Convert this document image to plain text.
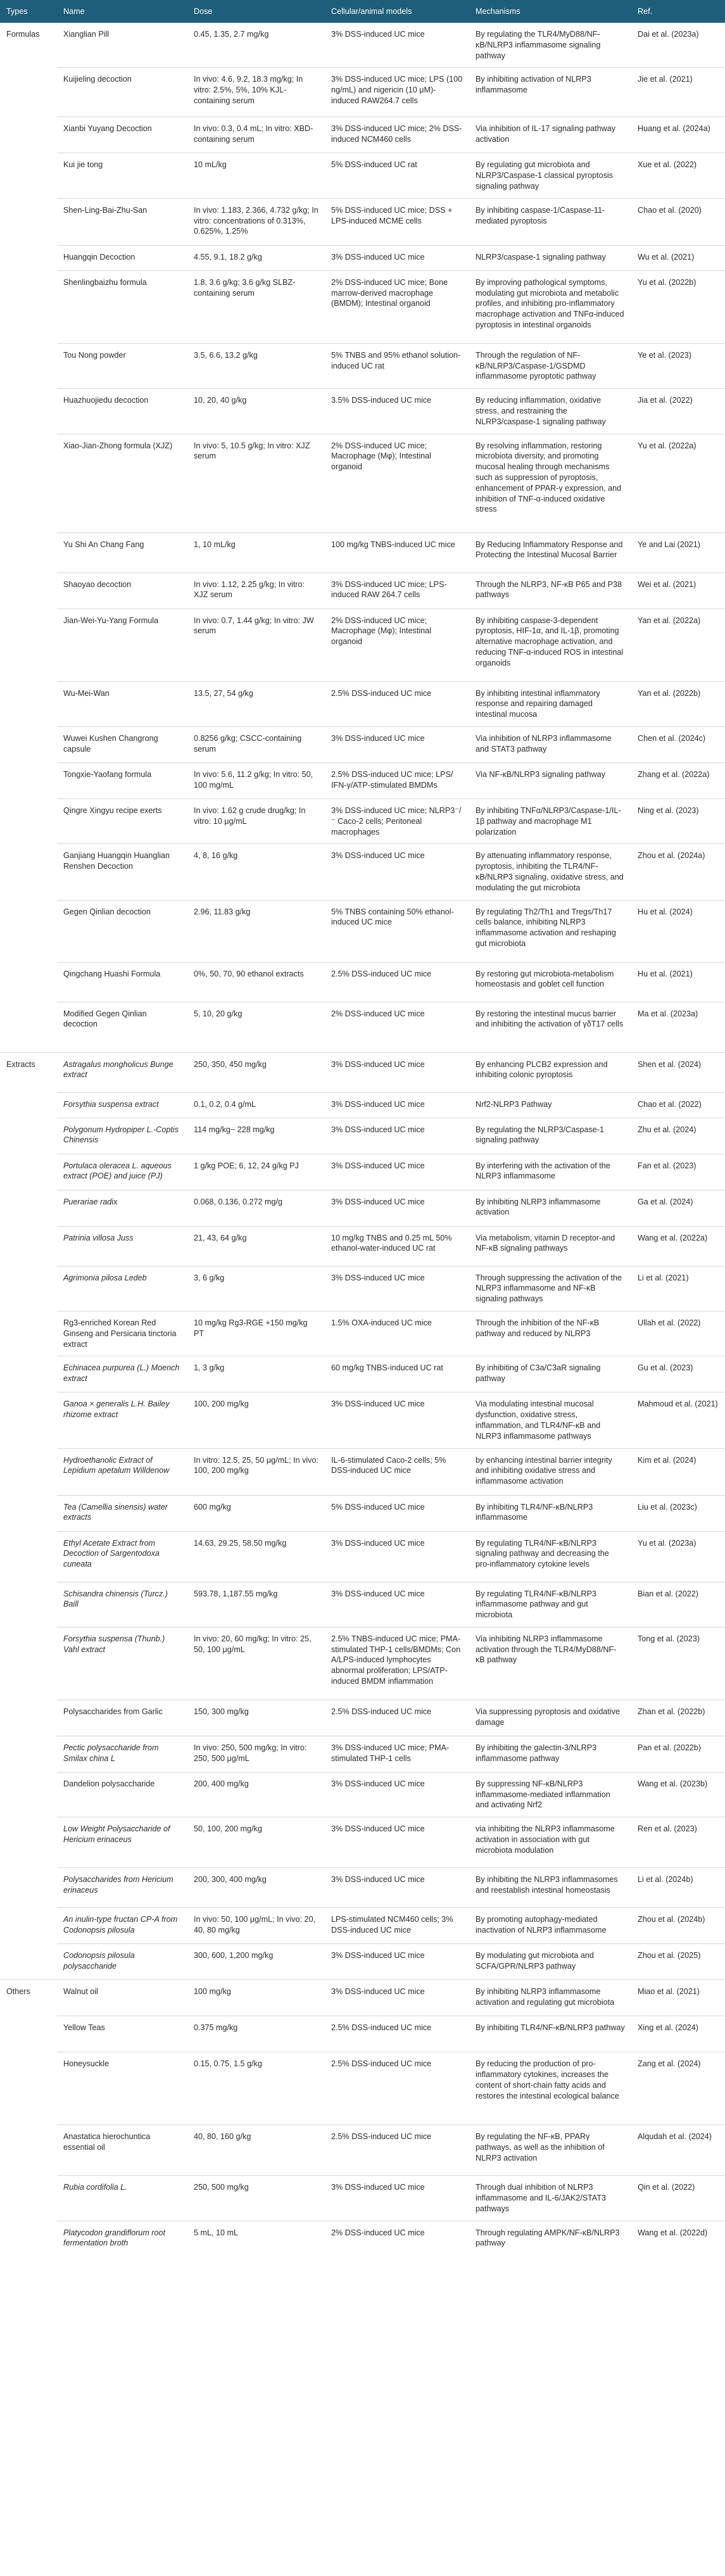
Types	Name	Dose	Cellular/animal models	Mechanisms	Ref.
Formulas	Xianglian Pill	0.45, 1.35, 2.7 mg/kg	3% DSS-induced UC mice	By regulating the TLR4/MyD88/NF-κB/NLRP3 inflammasome signaling pathway	Dai et al. (2023a)
	Kuijieling decoction	In vivo: 4.6, 9.2, 18.3 mg/kg; In vitro: 2.5%, 5%, 10% KJL-containing serum	3% DSS-induced UC mice; LPS (100 ng/mL) and nigericin (10 μM)-induced RAW264.7 cells	By inhibiting activation of NLRP3 inflammasome	Jie et al. (2021)
	Xianbi Yuyang Decoction	In vivo: 0.3, 0.4 mL; In vitro: XBD-containing serum	3% DSS-induced UC mice; 2% DSS-induced NCM460 cells	Via inhibition of IL-17 signaling pathway activation	Huang et al. (2024a)
	Kui jie tong	10 mL/kg	5% DSS-induced UC rat	By regulating gut microbiota and NLRP3/Caspase-1 classical pyroptosis signaling pathway	Xue et al. (2022)
	Shen-Ling-Bai-Zhu-San	In vivo: 1.183, 2.366, 4.732 g/kg; In vitro: concentrations of 0.313%, 0.625%, 1.25%	5% DSS-induced UC mice; DSS + LPS-induced MCME cells	By inhibiting caspase-1/Caspase-11-mediated pyroptosis	Chao et al. (2020)
	Huangqin Decoction	4.55, 9.1, 18.2 g/kg	3% DSS-induced UC mice	NLRP3/caspase-1 signaling pathway	Wu et al. (2021)
	Shenlingbaizhu formula	1.8, 3.6 g/kg; 3.6 g/kg SLBZ-containing serum	2% DSS-induced UC mice; Bone marrow-derived macrophage (BMDM); Intestinal organoid	By improving pathological symptoms, modulating gut microbiota and metabolic profiles, and inhibiting pro-inflammatory macrophage activation and TNFα-induced pyroptosis in intestinal organoids	Yu et al. (2022b)
	Tou Nong powder	3.5, 6.6, 13.2 g/kg	5% TNBS and 95% ethanol solution-induced UC rat	Through the regulation of NF-κB/NLRP3/Caspase-1/GSDMD inflammasome pyroptotic pathway	Ye et al. (2023)
	Huazhuojiedu decoction	10, 20, 40 g/kg	3.5% DSS-induced UC mice	By reducing inflammation, oxidative stress, and restraining the NLRP3/caspase-1 signaling pathway	Jia et al. (2022)
	Xiao-Jian-Zhong formula (XJZ)	In vivo: 5, 10.5 g/kg; In vitro: XJZ serum	2% DSS-induced UC mice; Macrophage (Mφ); Intestinal organoid	By resolving inflammation, restoring microbiota diversity, and promoting mucosal healing through mechanisms such as suppression of pyroptosis, enhancement of PPAR-γ expression, and inhibition of TNF-α-induced oxidative stress	Yu et al. (2022a)
	Yu Shi An Chang Fang	1, 10 mL/kg	100 mg/kg TNBS-induced UC mice	By Reducing Inflammatory Response and Protecting the Intestinal Mucosal Barrier	Ye and Lai (2021)
	Shaoyao decoction	In vivo: 1.12, 2.25 g/kg; In vitro: XJZ serum	3% DSS-induced UC mice; LPS-induced RAW 264.7 cells	Through the NLRP3, NF-κB P65 and P38 pathways	Wei et al. (2021)
	Jian-Wei-Yu-Yang Formula	In vivo: 0.7, 1.44 g/kg; In vitro: JW serum	2% DSS-induced UC mice; Macrophage (Mφ); Intestinal organoid	By inhibiting caspase-3-dependent pyroptosis, HIF-1α, and IL-1β, promoting alternative macrophage activation, and reducing TNF-α-induced ROS in intestinal organoids	Yan et al. (2022a)
	Wu-Mei-Wan	13.5, 27, 54 g/kg	2.5% DSS-induced UC mice	By inhibiting intestinal inflammatory response and repairing damaged intestinal mucosa	Yan et al. (2022b)
	Wuwei Kushen Changrong capsule	0.8256 g/kg; CSCC-containing serum	3% DSS-induced UC mice	Via inhibition of NLRP3 inflammasome and STAT3 pathway	Chen et al. (2024c)
	Tongxie-Yaofang formula	In vivo: 5.6, 11.2 g/kg; In vitro: 50, 100 mg/mL	2.5% DSS-induced UC mice; LPS/ IFN-γ/ATP-stimulated BMDMs	Via NF-κB/NLRP3 signaling pathway	Zhang et al. (2022a)
	Qingre Xingyu recipe exerts	In vivo: 1.62 g crude drug/kg; In vitro: 10 μg/mL	3% DSS-induced UC mice; NLRP3⁻/⁻ Caco-2 cells; Peritoneal macrophages	By inhibiting TNFα/NLRP3/Caspase-1/IL-1β pathway and macrophage M1 polarization	Ning et al. (2023)
	Ganjiang Huangqin Huanglian Renshen Decoction	4, 8, 16 g/kg	3% DSS-induced UC mice	By attenuating inflammatory response, pyroptosis, inhibiting the TLR4/NF-κB/NLRP3 signaling, oxidative stress, and modulating the gut microbiota	Zhou et al. (2024a)
	Gegen Qinlian decoction	2.96, 11.83 g/kg	5% TNBS containing 50% ethanol-induced UC mice	By regulating Th2/Th1 and Tregs/Th17 cells balance, inhibiting NLRP3 inflammasome activation and reshaping gut microbiota	Hu et al. (2024)
	Qingchang Huashi Formula	0%, 50, 70, 90 ethanol extracts	2.5% DSS-induced UC mice	By restoring gut microbiota-metabolism homeostasis and goblet cell function	Hu et al. (2021)
	Modified Gegen Qinlian decoction	5, 10, 20 g/kg	2% DSS-induced UC mice	By restoring the intestinal mucus barrier and inhibiting the activation of γδT17 cells	Ma et al. (2023a)
Extracts	Astragalus mongholicus Bunge extract	250, 350, 450 mg/kg	3% DSS-induced UC mice	By enhancing PLCB2 expression and inhibiting colonic pyroptosis	Shen et al. (2024)
	Forsythia suspensa extract	0.1, 0.2, 0.4 g/mL	3% DSS-induced UC mice	Nrf2-NLRP3 Pathway	Chao et al. (2022)
	Polygonum Hydropiper L.-Coptis Chinensis	114 mg/kg~ 228 mg/kg	3% DSS-induced UC mice	By regulating the NLRP3/Caspase-1 signaling pathway	Zhu et al. (2024)
	Portulaca oleracea L. aqueous extract (POE) and juice (PJ)	1 g/kg POE; 6, 12, 24 g/kg PJ	3% DSS-induced UC mice	By interfering with the activation of the NLRP3 inflammasome	Fan et al. (2023)
	Puerariae radix	0.068, 0.136, 0.272 mg/g	3% DSS-induced UC mice	By inhibiting NLRP3 inflammasome activation	Ga et al. (2024)
	Patrinia villosa Juss	21, 43, 64 g/kg	10 mg/kg TNBS and 0.25 mL 50% ethanol-water-induced UC rat	Via metabolism, vitamin D receptor-and NF-κB signaling pathways	Wang et al. (2022a)
	Agrimonia pilosa Ledeb	3, 6 g/kg	3% DSS-induced UC mice	Through suppressing the activation of the NLRP3 inflammasome and NF-κB signaling pathways	Li et al. (2021)
	Rg3-enriched Korean Red Ginseng and Persicaria tinctoria extract	10 mg/kg Rg3-RGE +150 mg/kg PT	1.5% OXA-induced UC mice	Through the inhibition of the NF-κB pathway and reduced by NLRP3	Ullah et al. (2022)
	Echinacea purpurea (L.) Moench extract	1, 3 g/kg	60 mg/kg TNBS-induced UC rat	By inhibiting of C3a/C3aR signaling pathway	Gu et al. (2023)
	Ganoa × generalis L.H. Bailey rhizome extract	100, 200 mg/kg	3% DSS-induced UC mice	Via modulating intestinal mucosal dysfunction, oxidative stress, inflammation, and TLR4/NF-κB and NLRP3 inflammasome pathways	Mahmoud et al. (2021)
	Hydroethanolic Extract of Lepidium apetalum Willdenow	In vitro: 12.5, 25, 50 μg/mL; In vivo: 100, 200 mg/kg	IL-6-stimulated Caco-2 cells; 5% DSS-induced UC mice	by enhancing intestinal barrier integrity and inhibiting oxidative stress and inflammasome activation	Kim et al. (2024)
	Tea (Camellia sinensis) water extracts	600 mg/kg	5% DSS-induced UC mice	By inhibiting TLR4/NF-κB/NLRP3 inflammasome	Liu et al. (2023c)
	Ethyl Acetate Extract from Decoction of Sargentodoxa cuneata	14.63, 29.25, 58.50 mg/kg	3% DSS-induced UC mice	By regulating TLR4/NF-κB/NLRP3 signaling pathway and decreasing the pro-inflammatory cytokine levels	Yu et al. (2023a)
	Schisandra chinensis (Turcz.) Baill	593.78, 1,187.55 mg/kg	3% DSS-induced UC mice	By regulating TLR4/NF-κB/NLRP3 inflammasome pathway and gut microbiota	Bian et al. (2022)
	Forsythia suspensa (Thunb.) Vahl extract	In vivo: 20, 60 mg/kg; In vitro: 25, 50, 100 μg/mL	2.5% TNBS-induced UC mice; PMA-stimulated THP-1 cells/BMDMs; Con A/LPS-induced lymphocytes abnormal proliferation; LPS/ATP-induced BMDM inflammation	Via inhibiting NLRP3 inflammasome activation through the TLR4/MyD88/NF-κB pathway	Tong et al. (2023)
	Polysaccharides from Garlic	150, 300 mg/kg	2.5% DSS-induced UC mice	Via suppressing pyroptosis and oxidative damage	Zhan et al. (2022b)
	Pectic polysaccharide from Smilax china L	In vivo: 250, 500 mg/kg; In vitro: 250, 500 μg/mL	3% DSS-induced UC mice; PMA-stimulated THP-1 cells	By inhibiting the galectin-3/NLRP3 inflammasome pathway	Pan et al. (2022b)
	Dandelion polysaccharide	200, 400 mg/kg	3% DSS-induced UC mice	By suppressing NF-κB/NLRP3 inflammasome-mediated inflammation and activating Nrf2	Wang et al. (2023b)
	Low Weight Polysaccharide of Hericium erinaceus	50, 100, 200 mg/kg	3% DSS-induced UC mice	via inhibiting the NLRP3 inflammasome activation in association with gut microbiota modulation	Ren et al. (2023)
	Polysaccharides from Hericium erinaceus	200, 300, 400 mg/kg	3% DSS-induced UC mice	By inhibiting the NLRP3 inflammasomes and reestablish intestinal homeostasis	Li et al. (2024b)
	An inulin-type fructan CP-A from Codonopsis pilosula	In vivo: 50, 100 μg/mL; In vivo: 20, 40, 80 mg/kg	LPS-stimulated NCM460 cells; 3% DSS-induced UC mice	By promoting autophagy-mediated inactivation of NLRP3 inflammasome	Zhou et al. (2024b)
	Codonopsis pilosula polysaccharide	300, 600, 1,200 mg/kg	3% DSS-induced UC mice	By modulating gut microbiota and SCFA/GPR/NLRP3 pathway	Zhou et al. (2025)
Others	Walnut oil	100 mg/kg	3% DSS-induced UC mice	By inhibiting NLRP3 inflammasome activation and regulating gut microbiota	Miao et al. (2021)
	Yellow Teas	0.375 mg/kg	2.5% DSS-induced UC mice	By inhibiting TLR4/NF-κB/NLRP3 pathway	Xing et al. (2024)
	Honeysuckle	0.15, 0.75, 1.5 g/kg	2.5% DSS-induced UC mice	By reducing the production of pro-inflammatory cytokines, increases the content of short-chain fatty acids and restores the intestinal ecological balance	Zang et al. (2024)
	Anastatica hierochuntica essential oil	40, 80, 160 g/kg	2.5% DSS-induced UC mice	By regulating the NF-κB, PPARγ pathways, as well as the inhibition of NLRP3 activation	Alqudah et al. (2024)
	Rubia cordifolia L.	250, 500 mg/kg	3% DSS-induced UC mice	Through dual inhibition of NLRP3 inflammasome and IL-6/JAK2/STAT3 pathways	Qin et al. (2022)
	Platycodon grandiflorum root fermentation broth	5 mL, 10 mL	2% DSS-induced UC mice	Through regulating AMPK/NF-κB/NLRP3 pathway	Wang et al. (2022d)
